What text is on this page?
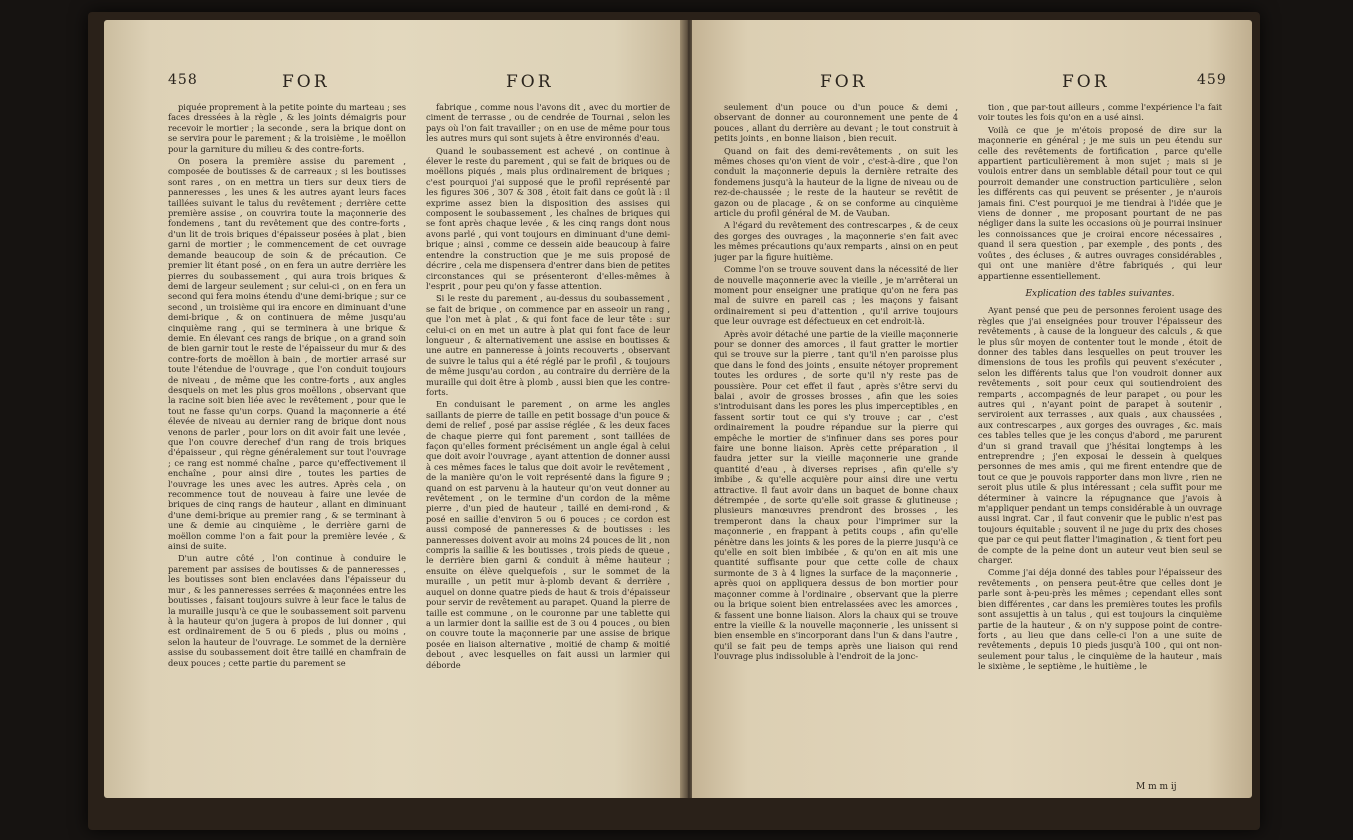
458	FOR	FOR

piquée proprement à la petite pointe du marteau ; ses faces dressées à la règle , & les joints démaigris pour recevoir le mortier ; la seconde , sera la brique dont on se servira pour le parement ; & la troisième , le moëllon pour la garniture du milieu & des contre-forts.

On posera la première assise du parement , composée de boutisses & de carreaux ; si les boutisses sont rares , on en mettra un tiers sur deux tiers de panneresses , les unes & les autres ayant leurs faces taillées suivant le talus du revêtement ; derrière cette première assise , on couvrira toute la maçonnerie des fondemens , tant du revêtement que des contre-forts , d'un lit de trois briques d'épaisseur posées à plat , bien garni de mortier ; le commencement de cet ouvrage demande beaucoup de soin & de précaution. Ce premier lit étant posé , on en fera un autre derrière les pierres du soubassement , qui aura trois briques & demi de largeur seulement ; sur celui-ci , on en fera un second qui fera moins étendu d'une demi-brique ; sur ce second , un troisième qui ira encore en diminuant d'une demi-brique , & on continuera de même jusqu'au cinquième rang , qui se terminera à une brique & demie. En élevant ces rangs de brique , on a grand soin de bien garnir tout le reste de l'épaisseur du mur & des contre-forts de moëllon à bain , de mortier arrasé sur toute l'étendue de l'ouvrage , que l'on conduit toujours de niveau , de même que les contre-forts , aux angles desquels on met les plus gros moëllons , observant que la racine soit bien liée avec le revêtement , pour que le tout ne fasse qu'un corps. Quand la maçonnerie a été élevée de niveau au dernier rang de brique dont nous venons de parler , pour lors on dit avoir fait une levée , que l'on couvre derechef d'un rang de trois briques d'épaisseur , qui règne généralement sur tout l'ouvrage ; ce rang est nommé chaîne , parce qu'effectivement il enchaîne , pour ainsi dire , toutes les parties de l'ouvrage les unes avec les autres. Après cela , on recommence tout de nouveau à faire une levée de briques de cinq rangs de hauteur , allant en diminuant d'une demi-brique au premier rang , & se terminant à une & demie au cinquième , le derrière garni de moëllon comme l'on a fait pour la première levée , & ainsi de suite.

D'un autre côté , l'on continue à conduire le parement par assises de boutisses & de panneresses , les boutisses sont bien enclavées dans l'épaisseur du mur , & les panneresses serrées & maçonnées entre les boutisses , faisant toujours suivre à leur face le talus de la muraille jusqu'à ce que le soubassement soit parvenu à la hauteur qu'on jugera à propos de lui donner , qui est ordinairement de 5 ou 6 pieds , plus ou moins , selon la hauteur de l'ouvrage. Le sommet de la dernière assise du soubassement doit être taillé en chamfrain de deux pouces ; cette partie du parement se

fabrique , comme nous l'avons dit , avec du mortier de ciment de terrasse , ou de cendrée de Tournai , selon les pays où l'on fait travailler ; on en use de même pour tous les autres murs qui sont sujets à être environnés d'eau.

Quand le soubassement est achevé , on continue à élever le reste du parement , qui se fait de briques ou de moëllons piqués , mais plus ordinairement de briques ; c'est pourquoi j'ai supposé que le profil représenté par les figures 306 , 307 & 308 , étoit fait dans ce goût là : il exprime assez bien la disposition des assises qui composent le soubassement , les chaînes de briques qui se font après chaque levée , & les cinq rangs dont nous avons parlé , qui vont toujours en diminuant d'une demi-brique ; ainsi , comme ce dessein aide beaucoup à faire entendre la construction que je me suis proposé de décrire , cela me dispensera d'entrer dans bien de petites circonstances qui se présenteront d'elles-mêmes à l'esprit , pour peu qu'on y fasse attention.

Si le reste du parement , au-dessus du soubassement , se fait de brique , on commence par en asseoir un rang , que l'on met à plat , & qui font face de leur tête : sur celui-ci on en met un autre à plat qui font face de leur longueur , & alternativement une assise en boutisses & une autre en panneresse à joints recouverts , observant de suivre le talus qui a été réglé par le profil , & toujours de même jusqu'au cordon , au contraire du derrière de la muraille qui doit être à plomb , aussi bien que les contre-forts.

En conduisant le parement , on arme les angles saillants de pierre de taille en petit bossage d'un pouce & demi de relief , posé par assise réglée , & les deux faces de chaque pierre qui font parement , sont taillées de façon qu'elles forment précisément un angle égal à celui que doit avoir l'ouvrage , ayant attention de donner aussi à ces mêmes faces le talus que doit avoir le revêtement , de la manière qu'on le voit représenté dans la figure 9 ; quand on est parvenu à la hauteur qu'on veut donner au revêtement , on le termine d'un cordon de la même pierre , d'un pied de hauteur , taillé en demi-rond , & posé en saillie d'environ 5 ou 6 pouces ; ce cordon est aussi composé de panneresses & de boutisses : les panneresses doivent avoir au moins 24 pouces de lit , non compris la saillie & les boutisses , trois pieds de queue , le derrière bien garni & conduit à même hauteur ; ensuite on élève quelquefois , sur le sommet de la muraille , un petit mur à-plomb devant & derrière , auquel on donne quatre pieds de haut & trois d'épaisseur pour servir de revêtement au parapet. Quand la pierre de taille est commune , on le couronne par une tablette qui a un larmier dont la saillie est de 3 ou 4 pouces , ou bien on couvre toute la maçonnerie par une assise de brique posée en liaison alternative , moitié de champ & moitié debout , avec lesquelles on fait aussi un larmier qui déborde

FOR	FOR	459

seulement d'un pouce ou d'un pouce & demi , observant de donner au couronnement une pente de 4 pouces , allant du derrière au devant ; le tout construit à petits joints , en bonne liaison , bien recuit.

Quand on fait des demi-revêtements , on suit les mêmes choses qu'on vient de voir , c'est-à-dire , que l'on conduit la maçonnerie depuis la dernière retraite des fondemens jusqu'à la hauteur de la ligne de niveau ou de rez-de-chaussée ; le reste de la hauteur se revêtit de gazon ou de placage , & on se conforme au cinquième article du profil général de M. de Vauban.

A l'égard du revêtement des contrescarpes , & de ceux des gorges des ouvrages , la maçonnerie s'en fait avec les mêmes précautions qu'aux remparts , ainsi on en peut juger par la figure huitième.

Comme l'on se trouve souvent dans la nécessité de lier de nouvelle maçonnerie avec la vieille , je m'arrêterai un moment pour enseigner une pratique qu'on ne fera pas mal de suivre en pareil cas ; les maçons y faisant ordinairement si peu d'attention , qu'il arrive toujours que leur ouvrage est défectueux en cet endroit-là.

Après avoir détaché une partie de la vieille maçonnerie pour se donner des amorces , il faut gratter le mortier qui se trouve sur la pierre , tant qu'il n'en paroisse plus que dans le fond des joints , ensuite nétoyer proprement toutes les ordures , de sorte qu'il n'y reste pas de poussière. Pour cet effet il faut , après s'être servi du balai , avoir de grosses brosses , afin que les soies s'introduisant dans les pores les plus imperceptibles , en fassent sortir tout ce qui s'y trouve ; car , c'est ordinairement la poudre répandue sur la pierre qui empêche le mortier de s'infinuer dans ses pores pour faire une bonne liaison. Après cette préparation , il faudra jetter sur la vieille maçonnerie une grande quantité d'eau , à diverses reprises , afin qu'elle s'y imbibe , & qu'elle acquière pour ainsi dire une vertu attractive. Il faut avoir dans un baquet de bonne chaux détrempée , de sorte qu'elle soit grasse & glutineuse ; plusieurs manœuvres prendront des brosses , les tremperont dans la chaux pour l'imprimer sur la maçonnerie , en frappant à petits coups , afin qu'elle pénètre dans les joints & les pores de la pierre jusqu'à ce qu'elle en soit bien imbibée , & qu'on en ait mis une quantité suffisante pour que cette colle de chaux surmonte de 3 à 4 lignes la surface de la maçonnerie , après quoi on appliquera dessus de bon mortier pour maçonner comme à l'ordinaire , observant que la pierre ou la brique soient bien entrelassées avec les amorces , & fassent une bonne liaison. Alors la chaux qui se trouve entre la vieille & la nouvelle maçonnerie , les unissent si bien ensemble en s'incorporant dans l'un & dans l'autre , qu'il se fait peu de temps après une liaison qui rend l'ouvrage plus indissoluble à l'endroit de la jonc-

tion , que par-tout ailleurs , comme l'expérience l'a fait voir toutes les fois qu'on en a usé ainsi.

Voilà ce que je m'étois proposé de dire sur la maçonnerie en général ; je me suis un peu étendu sur celle des revêtements de fortification , parce qu'elle appartient particulièrement à mon sujet ; mais si je voulois entrer dans un semblable détail pour tout ce qui pourroit demander une construction particulière , selon les différents cas qui peuvent se présenter , je n'aurois jamais fini. C'est pourquoi je me tiendrai à l'idée que je viens de donner , me proposant pourtant de ne pas négliger dans la suite les occasions où je pourrai insinuer les connoissances que je croirai encore nécessaires , quand il sera question , par exemple , des ponts , des voûtes , des écluses , & autres ouvrages considérables , qui ont une manière d'être fabriqués , qui leur appartienne essentiellement.

Explication des tables suivantes.

Ayant pensé que peu de personnes feroient usage des règles que j'ai enseignées pour trouver l'épaisseur des revêtements , à cause de la longueur des calculs , & que le plus sûr moyen de contenter tout le monde , étoit de donner des tables dans lesquelles on peut trouver les dimensions de tous les profils qui peuvent s'exécuter , selon les différents talus que l'on voudroit donner aux revêtements , soit pour ceux qui soutiendroient des remparts , accompagnés de leur parapet , ou pour les autres qui , n'ayant point de parapet à soutenir , serviroient aux terrasses , aux quais , aux chaussées , aux contrescarpes , aux gorges des ouvrages , &c. mais ces tables telles que je les conçus d'abord , me parurent d'un si grand travail que j'hésitai longtemps à les entreprendre ; j'en exposai le dessein à quelques personnes de mes amis , qui me firent entendre que de tout ce que je pouvois rapporter dans mon livre , rien ne seroit plus utile & plus intéressant ; cela suffit pour me déterminer à vaincre la répugnance que j'avois à m'appliquer pendant un temps considérable à un ouvrage aussi ingrat. Car , il faut convenir que le public n'est pas toujours équitable ; souvent il ne juge du prix des choses que par ce qui peut flatter l'imagination , & tient fort peu de compte de la peine dont un auteur veut bien seul se charger.

Comme j'ai déja donné des tables pour l'épaisseur des revêtements , on pensera peut-être que celles dont je parle sont à-peu-près les mêmes ; cependant elles sont bien différentes , car dans les premières toutes les profils sont assujettis à un talus , qui est toujours la cinquième partie de la hauteur , & on n'y suppose point de contre-forts , au lieu que dans celle-ci l'on a une suite de revêtements , depuis 10 pieds jusqu'à 100 , qui ont non-seulement pour talus , le cinquième de la hauteur , mais le sixième , le septième , le huitième , le

M m m ij
